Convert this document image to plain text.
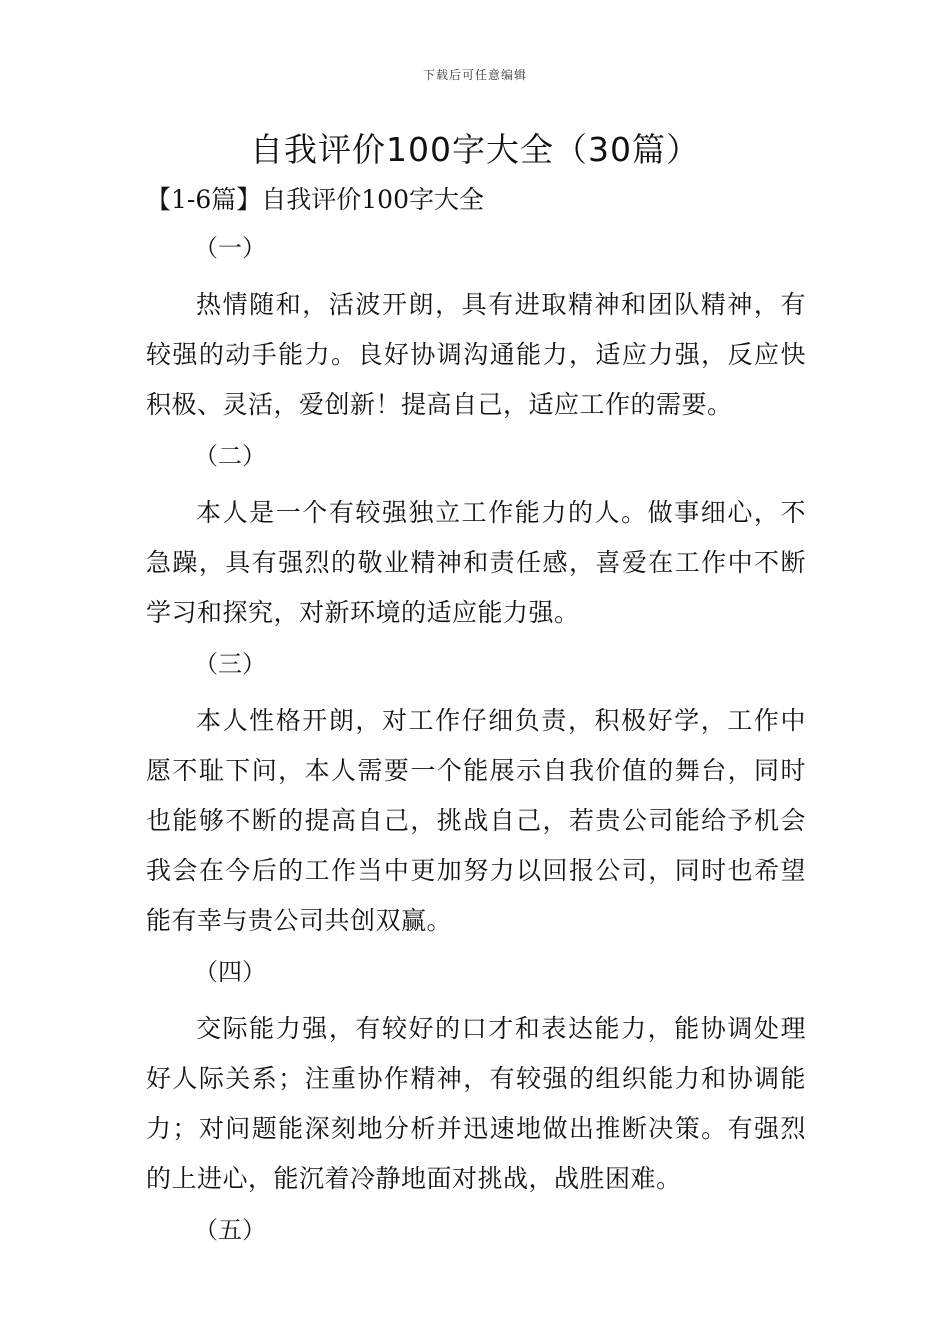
下载后可任意编辑
自我评价100字大全（30篇）
【1-6篇】自我评价100字大全
（一）

热情随和，活波开朗，具有进取精神和团队精神，有较强的动手能力。良好协调沟通能力，适应力强，反应快积极、灵活，爱创新！提高自己，适应工作的需要。

（二）

本人是一个有较强独立工作能力的人。做事细心，不急躁，具有强烈的敬业精神和责任感，喜爱在工作中不断学习和探究，对新环境的适应能力强。

（三）

本人性格开朗，对工作仔细负责，积极好学，工作中愿不耻下问，本人需要一个能展示自我价值的舞台，同时也能够不断的提高自己，挑战自己，若贵公司能给予机会我会在今后的工作当中更加努力以回报公司，同时也希望能有幸与贵公司共创双赢。

（四）

交际能力强，有较好的口才和表达能力，能协调处理好人际关系；注重协作精神，有较强的组织能力和协调能力；对问题能深刻地分析并迅速地做出推断决策。有强烈的上进心，能沉着冷静地面对挑战，战胜困难。

（五）
